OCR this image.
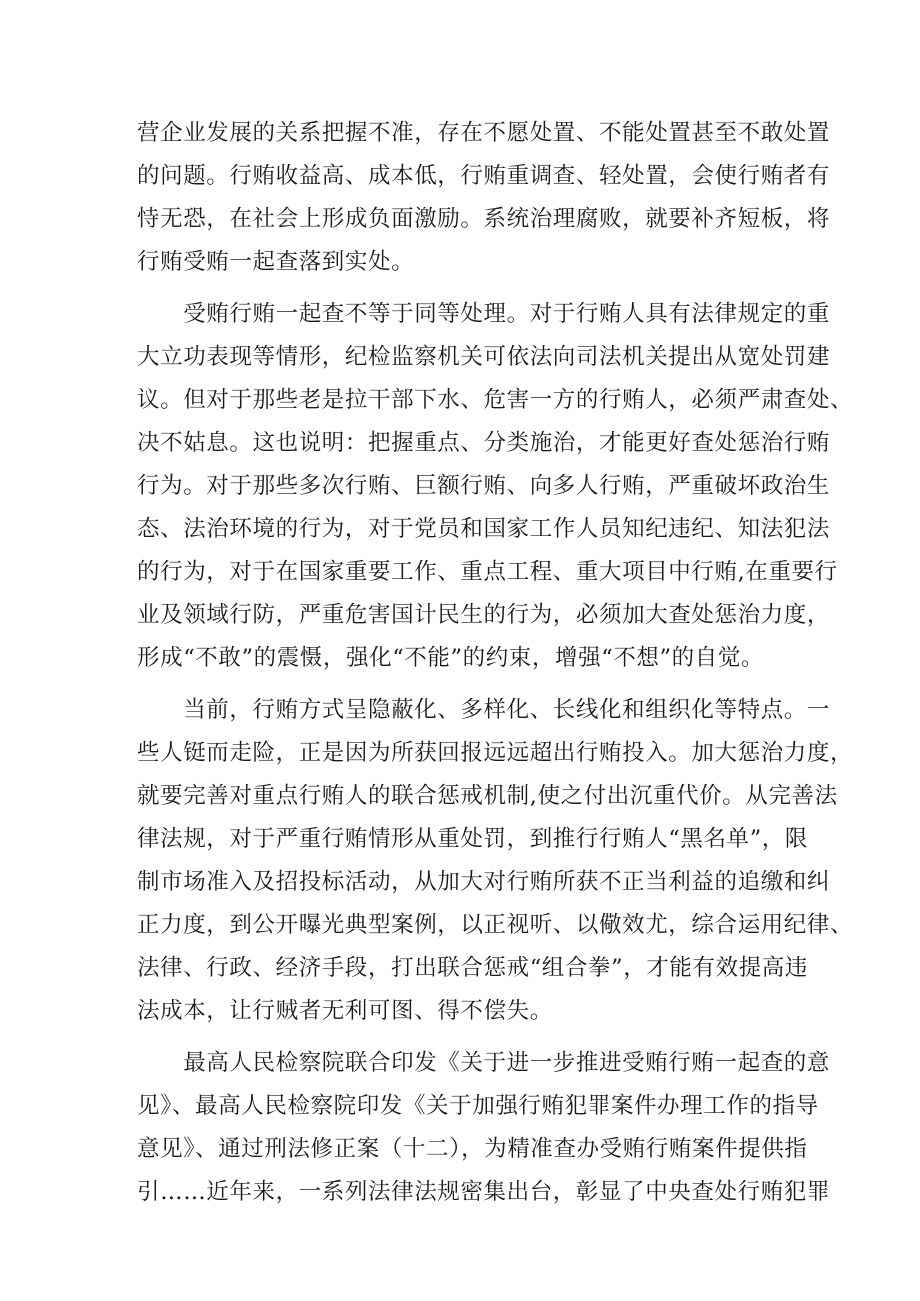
营企业发展的关系把握不准，存在不愿处置、不能处置甚至不敢处置
的问题。行贿收益高、成本低，行贿重调查、轻处置，会使行贿者有
恃无恐，在社会上形成负面激励。系统治理腐败，就要补齐短板，将
行贿受贿一起查落到实处。
　　受贿行贿一起查不等于同等处理。对于行贿人具有法律规定的重
大立功表现等情形，纪检监察机关可依法向司法机关提出从宽处罚建
议。但对于那些老是拉干部下水、危害一方的行贿人，必须严肃查处、
决不姑息。这也说明：把握重点、分类施治，才能更好查处惩治行贿
行为。对于那些多次行贿、巨额行贿、向多人行贿，严重破坏政治生
态、法治环境的行为，对于党员和国家工作人员知纪违纪、知法犯法
的行为，对于在国家重要工作、重点工程、重大项目中行贿,在重要行
业及领域行防，严重危害国计民生的行为，必须加大查处惩治力度，
形成“不敢”的震慑，强化“不能”的约束，增强“不想”的自觉。
　　当前，行贿方式呈隐蔽化、多样化、长线化和组织化等特点。一
些人铤而走险，正是因为所获回报远远超出行贿投入。加大惩治力度，
就要完善对重点行贿人的联合惩戒机制,使之付出沉重代价。从完善法
律法规，对于严重行贿情形从重处罚，到推行行贿人“黑名单”，限
制市场准入及招投标活动，从加大对行贿所获不正当利益的追缴和纠
正力度，到公开曝光典型案例，以正视听、以儆效尤，综合运用纪律、
法律、行政、经济手段，打出联合惩戒“组合拳”，才能有效提高违
法成本，让行贼者无利可图、得不偿失。
　　最高人民检察院联合印发《关于进一步推进受贿行贿一起查的意
见》、最高人民检察院印发《关于加强行贿犯罪案件办理工作的指导
意见》、通过刑法修正案（十二），为精准查办受贿行贿案件提供指
引……近年来，一系列法律法规密集出台，彰显了中央查处行贿犯罪
